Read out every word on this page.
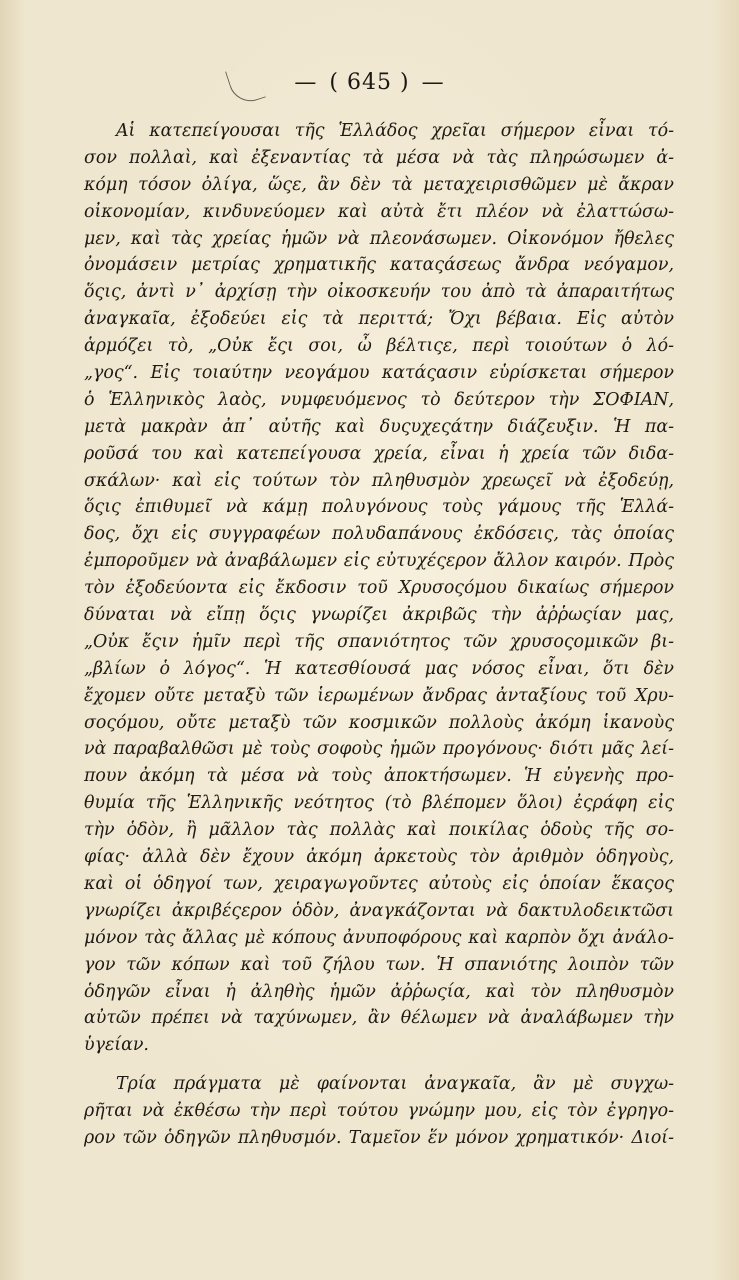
— ( 645 ) —
Αἱ κατεπείγουσαι τῆς Ἑλλάδος χρεῖαι σήμερον εἶναι τό-
σον πολλαὶ, καὶ ἐξεναντίας τὰ μέσα νὰ τὰς πληρώσωμεν ἀ-
κόμη τόσον ὀλίγα, ὥςε, ἂν δὲν τὰ μεταχειρισθῶμεν μὲ ἄκραν
οἰκονομίαν, κινδυνεύομεν καὶ αὐτὰ ἔτι πλέον νὰ ἐλαττώσω-
μεν, καὶ τὰς χρείας ἡμῶν νὰ πλεονάσωμεν. Οἰκονόμον ἤθελες
ὀνομάσειν μετρίας χρηματικῆς καταςάσεως ἄνδρα νεόγαμον,
ὅςις, ἀντὶ ν᾽ ἀρχίσῃ τὴν οἰκοσκευήν του ἀπὸ τὰ ἀπαραιτήτως
ἀναγκαῖα, ἐξοδεύει εἰς τὰ περιττά; Ὄχι βέβαια. Εἰς αὐτὸν
ἁρμόζει τὸ, „Οὐκ ἔςι σοι, ὦ βέλτιςε, περὶ τοιούτων ὁ λό-
„γος“. Εἰς τοιαύτην νεογάμου κατάςασιν εὑρίσκεται σήμερον
ὁ Ἑλληνικὸς λαὸς, νυμφευόμενος τὸ δεύτερον τὴν ΣΟΦΙΑΝ,
μετὰ μακρὰν ἀπ᾽ αὐτῆς καὶ δυςυχεςάτην διάζευξιν. Ἡ πα-
ροῦσά του καὶ κατεπείγουσα χρεία, εἶναι ἡ χρεία τῶν διδα-
σκάλων· καὶ εἰς τούτων τὸν πληθυσμὸν χρεωςεῖ νὰ ἐξοδεύῃ,
ὅςις ἐπιθυμεῖ νὰ κάμῃ πολυγόνους τοὺς γάμους τῆς Ἑλλά-
δος, ὄχι εἰς συγγραφέων πολυδαπάνους ἐκδόσεις, τὰς ὁποίας
ἐμποροῦμεν νὰ ἀναβάλωμεν εἰς εὐτυχέςερον ἄλλον καιρόν. Πρὸς
τὸν ἐξοδεύοντα εἰς ἔκδοσιν τοῦ Χρυσοςόμου δικαίως σήμερον
δύναται νὰ εἴπῃ ὅςις γνωρίζει ἀκριβῶς τὴν ἀῤῥωςίαν μας,
„Οὐκ ἔςιν ἡμῖν περὶ τῆς σπανιότητος τῶν χρυσοςομικῶν βι-
„βλίων ὁ λόγος“. Ἡ κατεσθίουσά μας νόσος εἶναι, ὅτι δὲν
ἔχομεν οὔτε μεταξὺ τῶν ἱερωμένων ἄνδρας ἀνταξίους τοῦ Χρυ-
σοςόμου, οὔτε μεταξὺ τῶν κοσμικῶν πολλοὺς ἀκόμη ἱκανοὺς
νὰ παραβαλθῶσι μὲ τοὺς σοφοὺς ἡμῶν προγόνους· διότι μᾶς λεί-
πουν ἀκόμη τὰ μέσα νὰ τοὺς ἀποκτήσωμεν. Ἡ εὐγενὴς προ-
θυμία τῆς Ἑλληνικῆς νεότητος (τὸ βλέπομεν ὅλοι) ἐςράφη εἰς
τὴν ὁδὸν, ἢ μᾶλλον τὰς πολλὰς καὶ ποικίλας ὁδοὺς τῆς σο-
φίας· ἀλλὰ δὲν ἔχουν ἀκόμη ἀρκετοὺς τὸν ἀριθμὸν ὁδηγοὺς,
καὶ οἱ ὁδηγοί των, χειραγωγοῦντες αὐτοὺς εἰς ὁποίαν ἕκαςος
γνωρίζει ἀκριβέςερον ὁδὸν, ἀναγκάζονται νὰ δακτυλοδεικτῶσι
μόνον τὰς ἄλλας μὲ κόπους ἀνυποφόρους καὶ καρπὸν ὄχι ἀνάλο-
γον τῶν κόπων καὶ τοῦ ζήλου των. Ἡ σπανιότης λοιπὸν τῶν
ὁδηγῶν εἶναι ἡ ἀληθὴς ἡμῶν ἀῤῥωςία, καὶ τὸν πληθυσμὸν
αὐτῶν πρέπει νὰ ταχύνωμεν, ἂν θέλωμεν νὰ ἀναλάβωμεν τὴν
ὑγείαν.
Τρία πράγματα μὲ φαίνονται ἀναγκαῖα, ἂν μὲ συγχω-
ρῆται νὰ ἐκθέσω τὴν περὶ τούτου γνώμην μου, εἰς τὸν ἐγρηγο-
ρον τῶν ὁδηγῶν πληθυσμόν. Ταμεῖον ἕν μόνον χρηματικόν· Διοί-
